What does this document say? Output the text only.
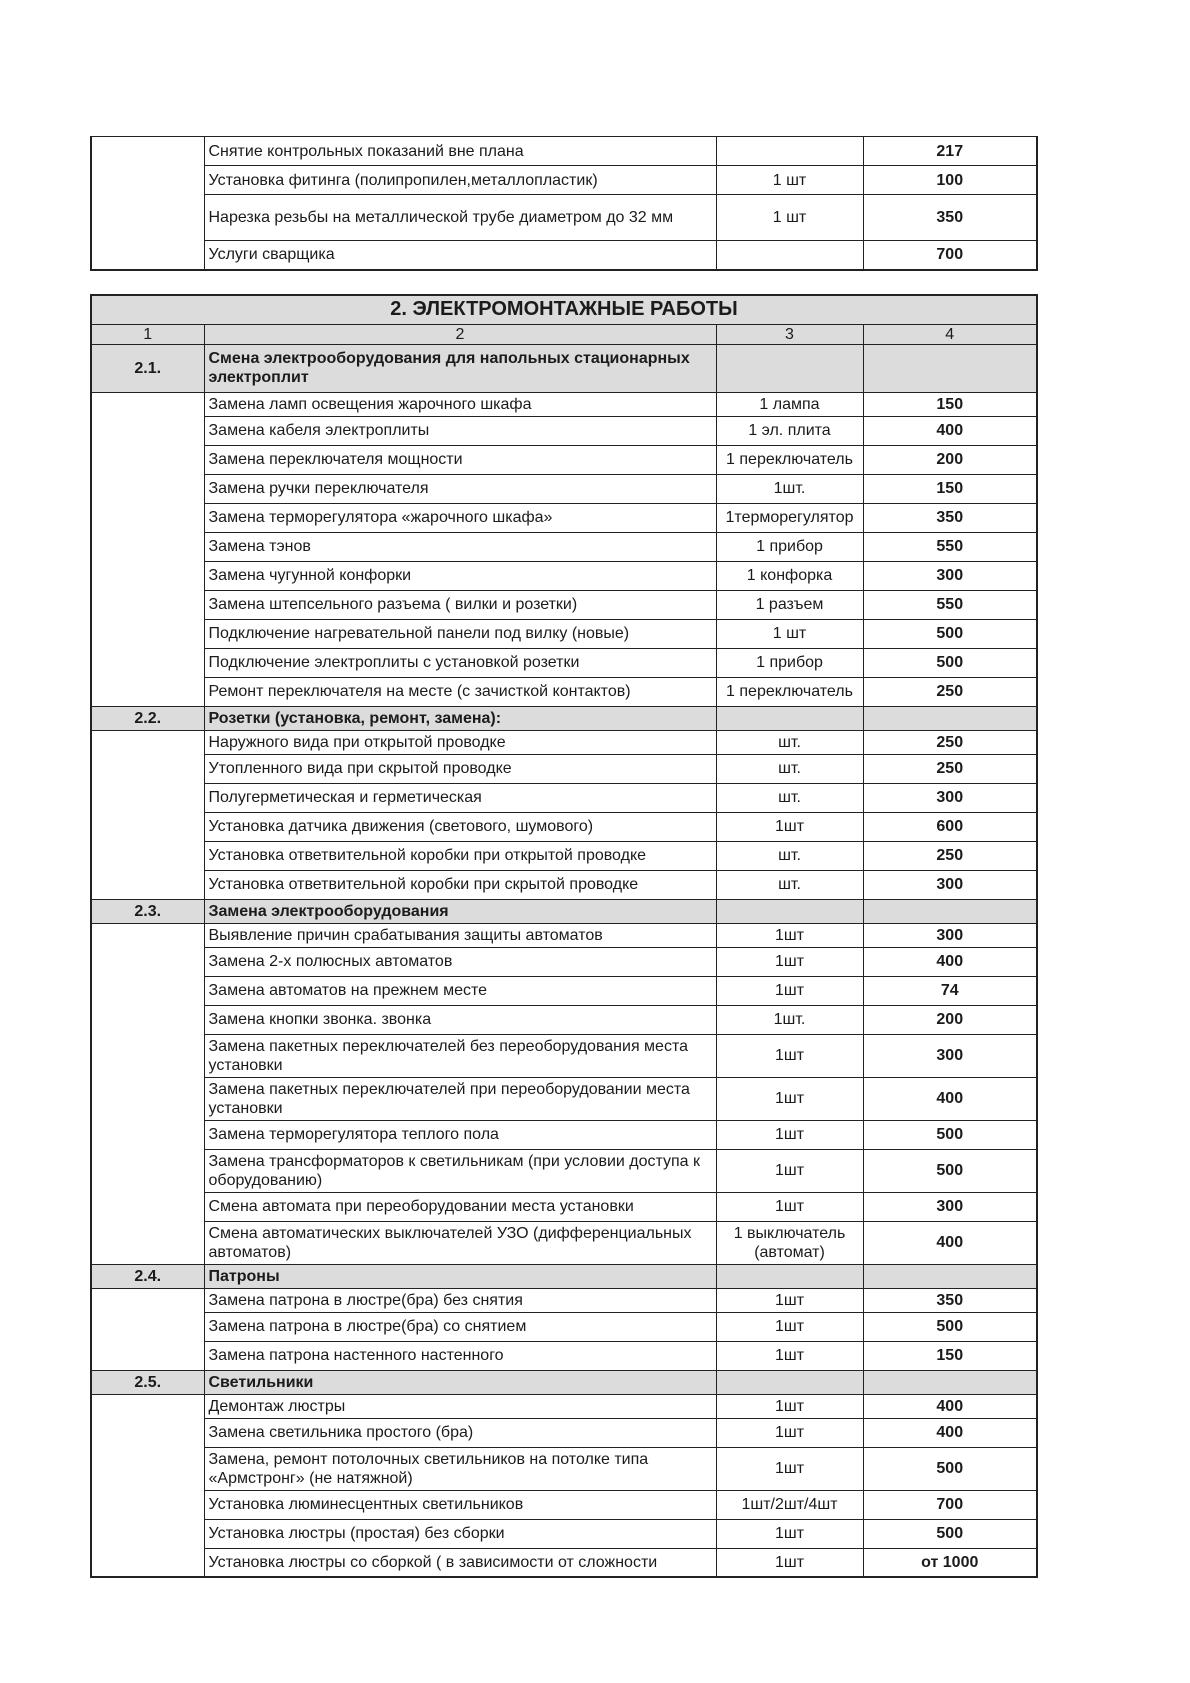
	Снятие контрольных показаний вне плана		217
	Установка фитинга (полипропилен,металлопластик)	1 шт	100
	Нарезка резьбы на металлической трубе диаметром до 32 мм	1 шт	350
	Услуги сварщика		700
2. ЭЛЕКТРОМОНТАЖНЫЕ РАБОТЫ			
1	2	3	4
2.1.	Смена электрооборудования для напольных стационарных электроплит		
	Замена ламп освещения жарочного шкафа	1 лампа	150
	Замена кабеля электроплиты	1 эл. плита	400
	Замена переключателя мощности	1 переключатель	200
	Замена ручки переключателя	1шт.	150
	Замена терморегулятора «жарочного шкафа»	1терморегулятор	350
	Замена тэнов	1 прибор	550
	Замена чугунной конфорки	1 конфорка	300
	Замена штепсельного разъема ( вилки и розетки)	1 разъем	550
	Подключение нагревательной панели под вилку (новые)	1 шт	500
	Подключение электроплиты с установкой розетки	1 прибор	500
	Ремонт переключателя на месте (с зачисткой контактов)	1 переключатель	250
2.2.	Розетки (установка, ремонт, замена):		
	Наружного вида при открытой проводке	шт.	250
	Утопленного вида при скрытой проводке	шт.	250
	Полугерметическая и герметическая	шт.	300
	Установка датчика движения (светового, шумового)	1шт	600
	Установка ответвительной коробки при открытой проводке	шт.	250
	Установка ответвительной коробки при скрытой проводке	шт.	300
2.3.	Замена электрооборудования		
	Выявление причин срабатывания защиты автоматов	1шт	300
	Замена 2-х полюсных автоматов	1шт	400
	Замена автоматов на прежнем месте	1шт	74
	Замена кнопки звонка. звонка	1шт.	200
	Замена пакетных переключателей без переоборудования места установки	1шт	300
	Замена пакетных переключателей при переоборудовании места установки	1шт	400
	Замена терморегулятора теплого пола	1шт	500
	Замена трансформаторов к светильникам (при условии доступа к оборудованию)	1шт	500
	Смена автомата при переоборудовании места установки	1шт	300
	Смена автоматических выключателей УЗО (дифференциальных автоматов)	1 выключатель (автомат)	400
2.4.	Патроны		
	Замена патрона в люстре(бра) без снятия	1шт	350
	Замена патрона в люстре(бра) со снятием	1шт	500
	Замена патрона настенного настенного	1шт	150
2.5.	Светильники		
	Демонтаж люстры	1шт	400
	Замена светильника простого (бра)	1шт	400
	Замена, ремонт потолочных светильников на потолке типа «Армстронг» (не натяжной)	1шт	500
	Установка люминесцентных светильников	1шт/2шт/4шт	700
	Установка люстры (простая) без сборки	1шт	500
	Установка люстры со сборкой ( в зависимости от сложности	1шт	от 1000
